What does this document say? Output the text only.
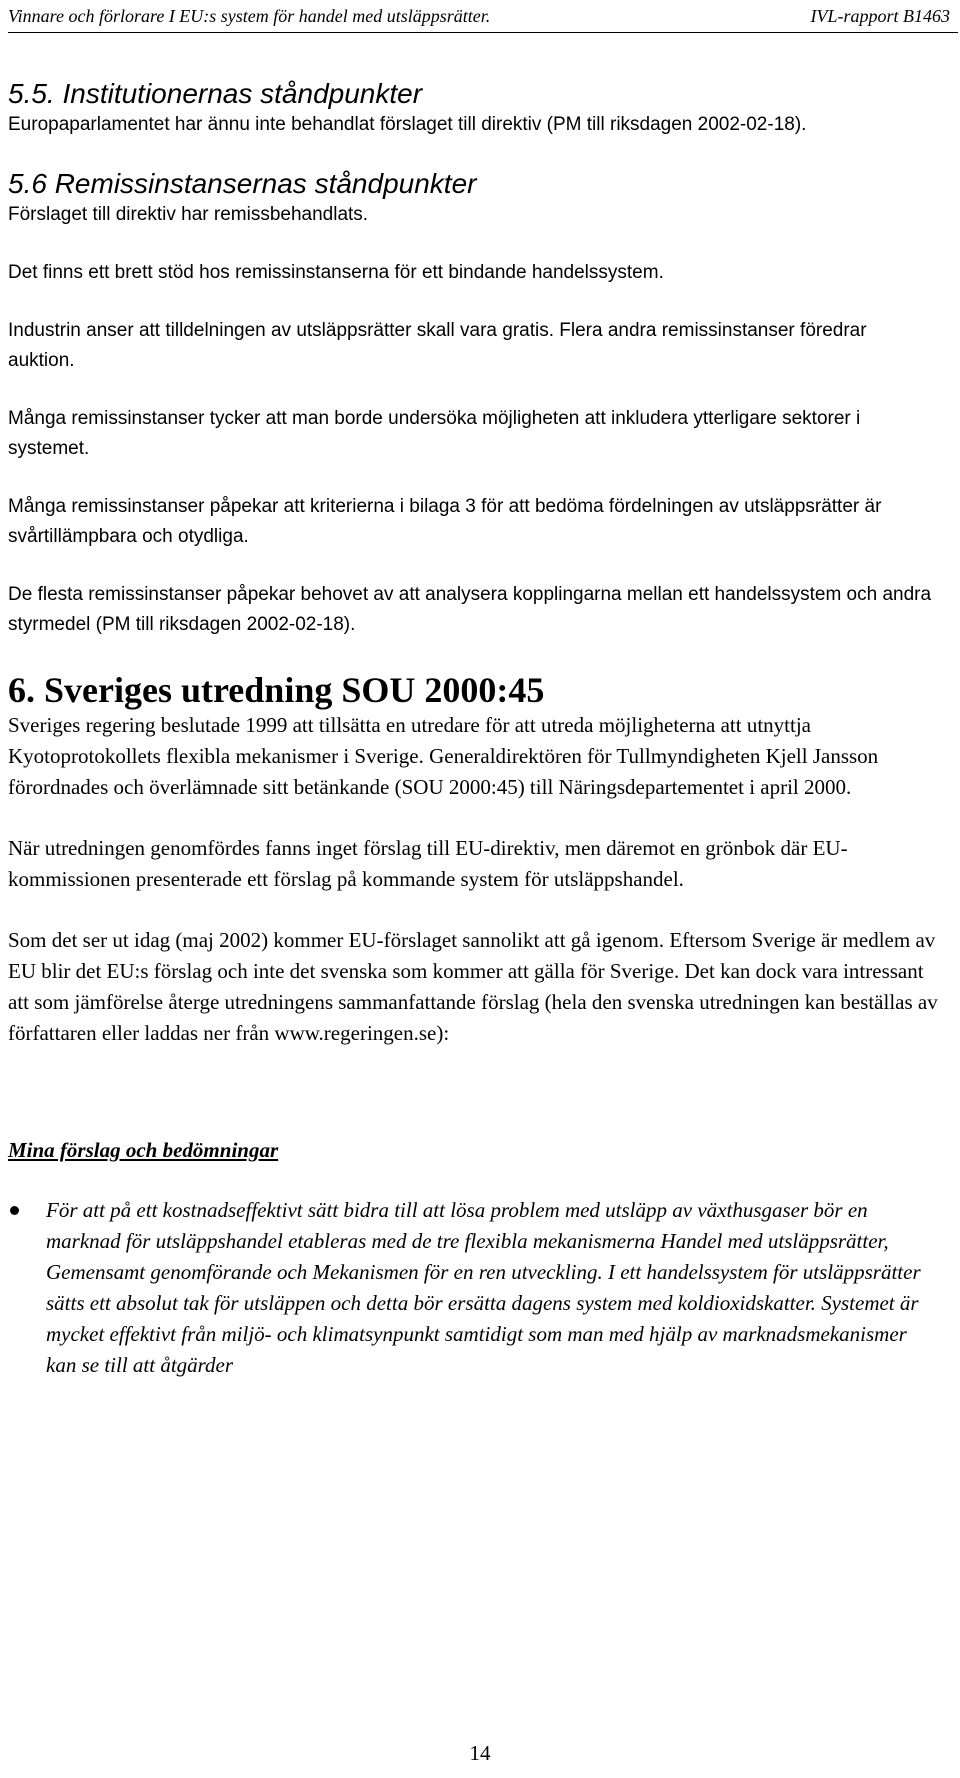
Vinnare och förlorare I EU:s system för handel med utsläppsrätter.	IVL-rapport B1463
5.5. Institutionernas ståndpunkter

Europaparlamentet har ännu inte behandlat förslaget till direktiv (PM till riksdagen 2002-02-18).

5.6 Remissinstansernas ståndpunkter

Förslaget till direktiv har remissbehandlats.

Det finns ett brett stöd hos remissinstanserna för ett bindande handelssystem.

Industrin anser att tilldelningen av utsläppsrätter skall vara gratis. Flera andra remissinstanser föredrar auktion.

Många remissinstanser tycker att man borde undersöka möjligheten att inkludera ytterligare sektorer i systemet.

Många remissinstanser påpekar att kriterierna i bilaga 3 för att bedöma fördelningen av utsläppsrätter är svårtillämpbara och otydliga.

De flesta remissinstanser påpekar behovet av att analysera kopplingarna mellan ett handelssystem och andra styrmedel (PM till riksdagen 2002-02-18).

6. Sveriges utredning SOU 2000:45

Sveriges regering beslutade 1999 att tillsätta en utredare för att utreda möjligheterna att utnyttja Kyotoprotokollets flexibla mekanismer i Sverige. Generaldirektören för Tullmyndigheten Kjell Jansson förordnades och överlämnade sitt betänkande (SOU 2000:45) till Näringsdepartementet i april 2000.

När utredningen genomfördes fanns inget förslag till EU-direktiv, men däremot en grönbok där EU-kommissionen presenterade ett förslag på kommande system för utsläppshandel.

Som det ser ut idag (maj 2002) kommer EU-förslaget sannolikt att gå igenom. Eftersom Sverige är medlem av EU blir det EU:s förslag och inte det svenska som kommer att gälla för Sverige. Det kan dock vara intressant att som jämförelse återge utredningens sammanfattande förslag (hela den svenska utredningen kan beställas av författaren eller laddas ner från www.regeringen.se):

Mina förslag och bedömningar

För att på ett kostnadseffektivt sätt bidra till att lösa problem med utsläpp av växthusgaser bör en marknad för utsläppshandel etableras med de tre flexibla mekanismerna Handel med utsläppsrätter, Gemensamt genomförande och Mekanismen för en ren utveckling. I ett handelssystem för utsläppsrätter sätts ett absolut tak för utsläppen och detta bör ersätta dagens system med koldioxidskatter. Systemet är mycket effektivt från miljö- och klimatsynpunkt samtidigt som man med hjälp av marknadsmekanismer kan se till att åtgärder
14
